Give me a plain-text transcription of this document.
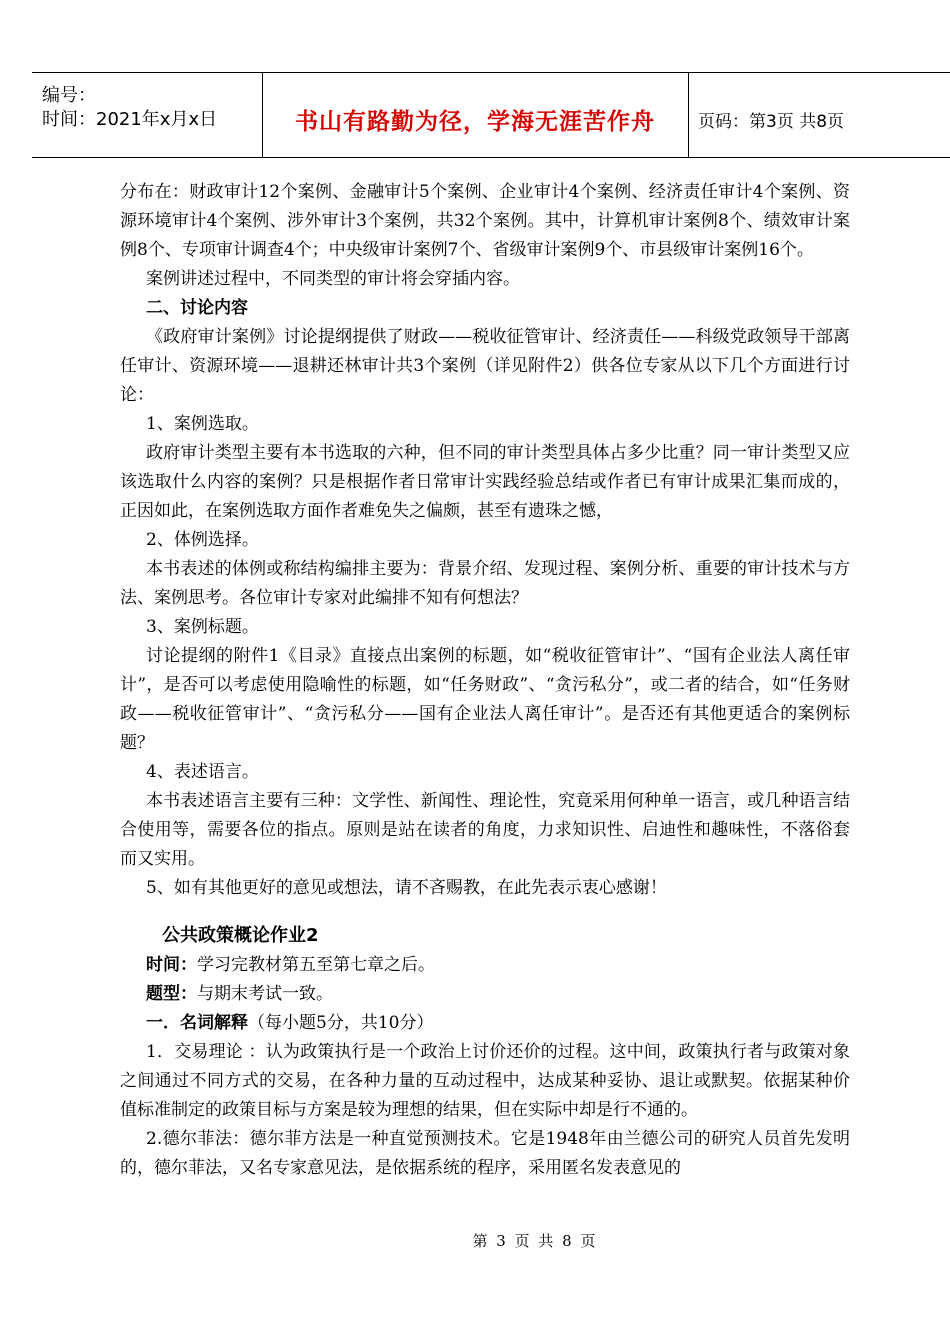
编号：
时间：2021年x月x日	书山有路勤为径，学海无涯苦作舟	页码：第3页 共8页

分布在：财政审计12个案例、金融审计5个案例、企业审计4个案例、经济责任审计4个案例、资源环境审计4个案例、涉外审计3个案例，共32个案例。其中，计算机审计案例8个、绩效审计案例8个、专项审计调查4个；中央级审计案例7个、省级审计案例9个、市县级审计案例16个。

案例讲述过程中，不同类型的审计将会穿插内容。

二、讨论内容

《政府审计案例》讨论提纲提供了财政——税收征管审计、经济责任——科级党政领导干部离任审计、资源环境——退耕还林审计共3个案例（详见附件2）供各位专家从以下几个方面进行讨论：

1、案例选取。

政府审计类型主要有本书选取的六种，但不同的审计类型具体占多少比重？同一审计类型又应该选取什么内容的案例？只是根据作者日常审计实践经验总结或作者已有审计成果汇集而成的，正因如此，在案例选取方面作者难免失之偏颇，甚至有遗珠之憾，

2、体例选择。

本书表述的体例或称结构编排主要为：背景介绍、发现过程、案例分析、重要的审计技术与方法、案例思考。各位审计专家对此编排不知有何想法？

3、案例标题。

讨论提纲的附件1《目录》直接点出案例的标题，如“税收征管审计”、“国有企业法人离任审计”，是否可以考虑使用隐喻性的标题，如“任务财政”、“贪污私分”，或二者的结合，如“任务财政——税收征管审计”、“贪污私分——国有企业法人离任审计”。是否还有其他更适合的案例标题？

4、表述语言。

本书表述语言主要有三种：文学性、新闻性、理论性，究竟采用何种单一语言，或几种语言结合使用等，需要各位的指点。原则是站在读者的角度，力求知识性、启迪性和趣味性，不落俗套而又实用。

5、如有其他更好的意见或想法，请不吝赐教，在此先表示衷心感谢！

公共政策概论作业2

时间：学习完教材第五至第七章之后。

题型：与期末考试一致。

一．名词解释（每小题5分，共10分）

1．交易理论 ：认为政策执行是一个政治上讨价还价的过程。这中间，政策执行者与政策对象之间通过不同方式的交易，在各种力量的互动过程中，达成某种妥协、退让或默契。依据某种价值标准制定的政策目标与方案是较为理想的结果，但在实际中却是行不通的。

2.德尔菲法：德尔菲方法是一种直觉预测技术。它是1948年由兰德公司的研究人员首先发明的，德尔菲法，又名专家意见法，是依据系统的程序，采用匿名发表意见的

第 3 页 共 8 页
